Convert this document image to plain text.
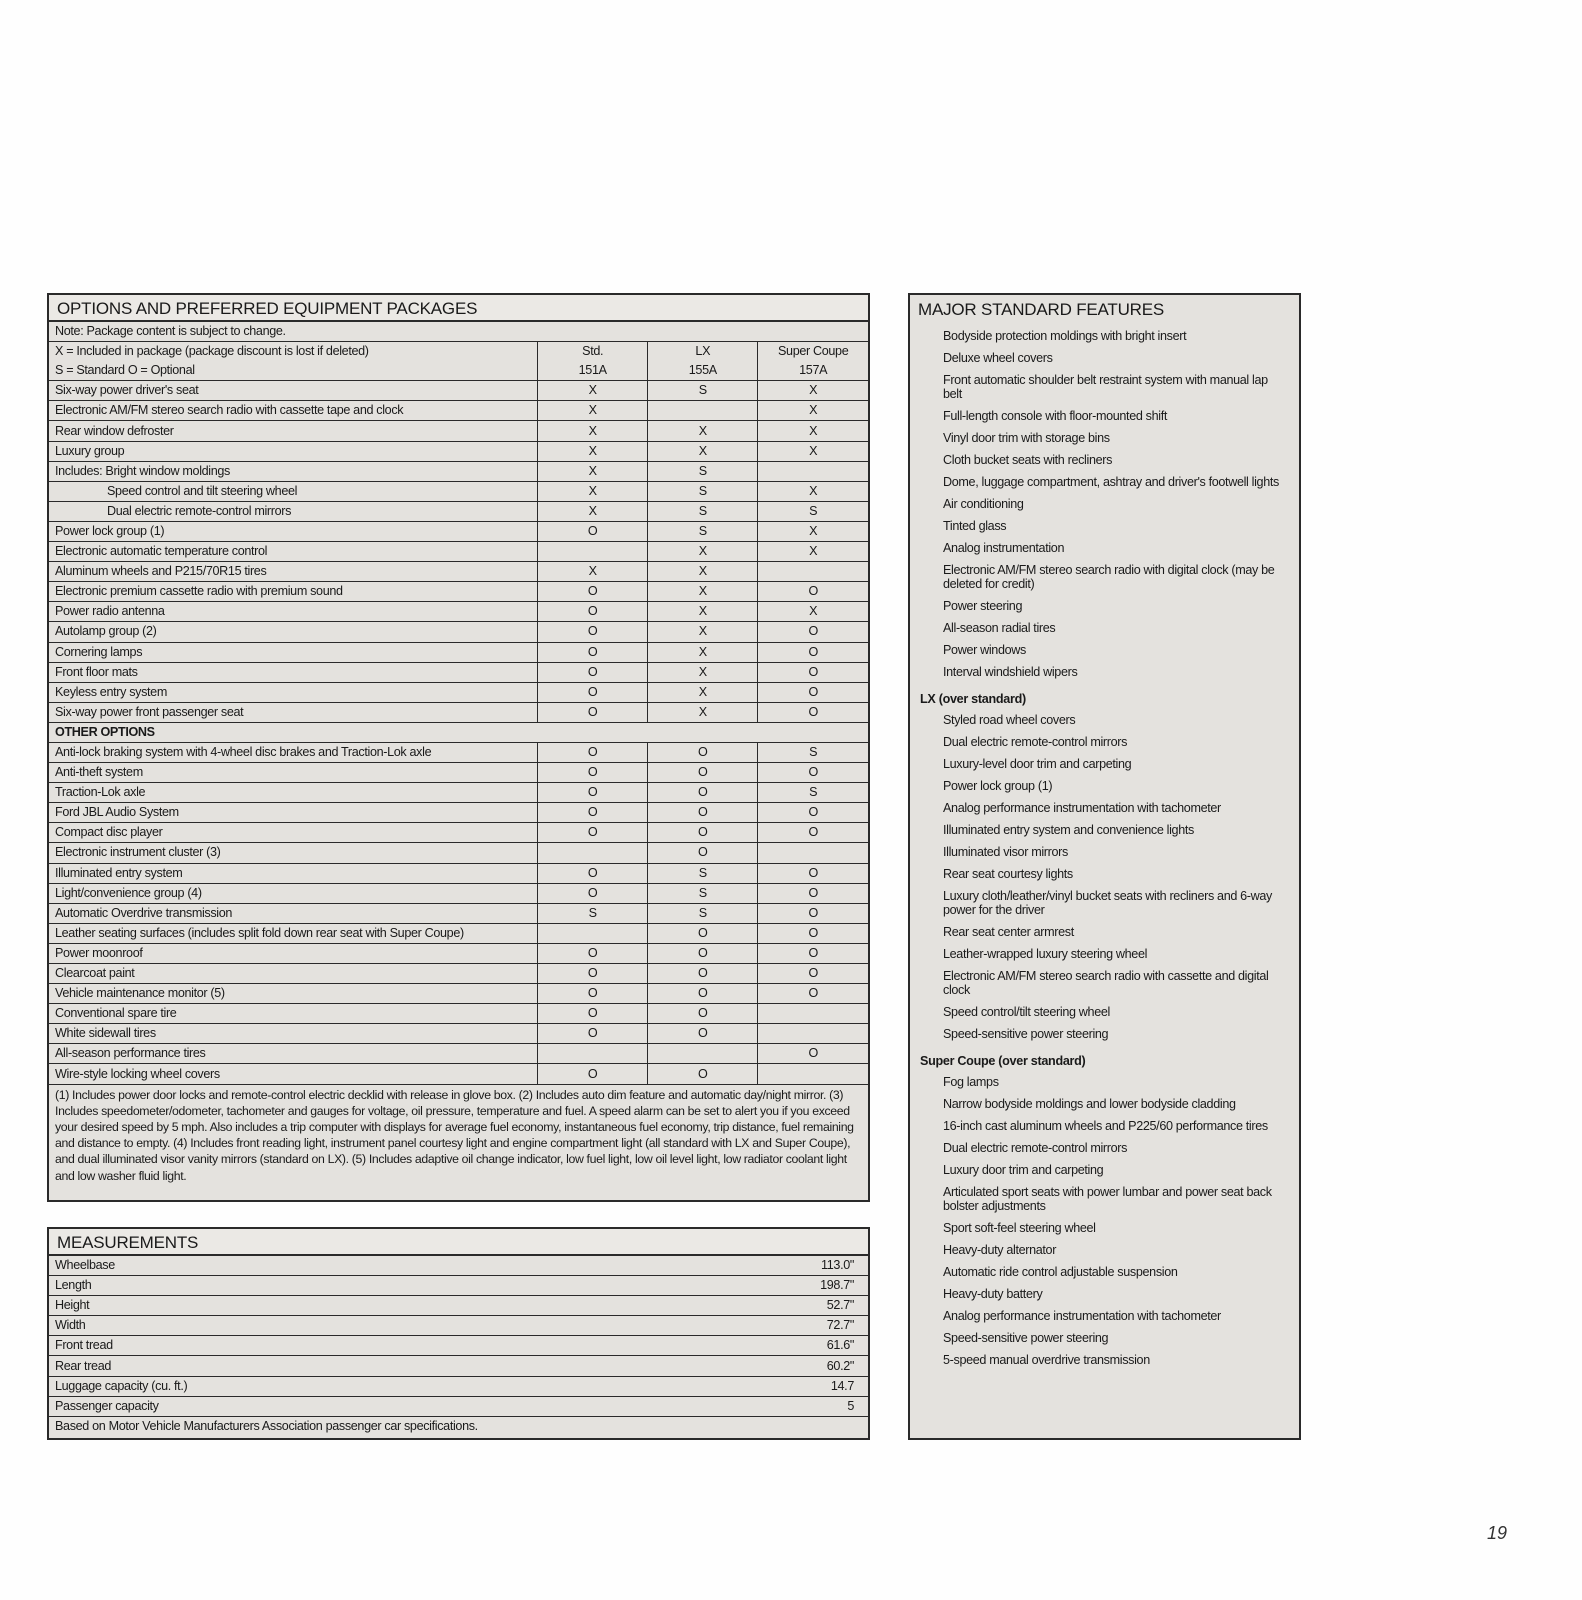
OPTIONS AND PREFERRED EQUIPMENT PACKAGES
Note: Package content is subject to change.			
X = Included in package (package discount is lost if deleted)	Std.	LX	Super Coupe
S = Standard O = Optional	151A	155A	157A
Six-way power driver's seat	X	S	X
Electronic AM/FM stereo search radio with cassette tape and clock	X		X
Rear window defroster	X	X	X
Luxury group	X	X	X
Includes: Bright window moldings	X	S	
Speed control and tilt steering wheel	X	S	X
Dual electric remote-control mirrors	X	S	S
Power lock group (1)	O	S	X
Electronic automatic temperature control		X	X
Aluminum wheels and P215/70R15 tires	X	X	
Electronic premium cassette radio with premium sound	O	X	O
Power radio antenna	O	X	X
Autolamp group (2)	O	X	O
Cornering lamps	O	X	O
Front floor mats	O	X	O
Keyless entry system	O	X	O
Six-way power front passenger seat	O	X	O
OTHER OPTIONS			
Anti-lock braking system with 4-wheel disc brakes and Traction-Lok axle	O	O	S
Anti-theft system	O	O	O
Traction-Lok axle	O	O	S
Ford JBL Audio System	O	O	O
Compact disc player	O	O	O
Electronic instrument cluster (3)		O	
Illuminated entry system	O	S	O
Light/convenience group (4)	O	S	O
Automatic Overdrive transmission	S	S	O
Leather seating surfaces (includes split fold down rear seat with Super Coupe)		O	O
Power moonroof	O	O	O
Clearcoat paint	O	O	O
Vehicle maintenance monitor (5)	O	O	O
Conventional spare tire	O	O	
White sidewall tires	O	O	
All-season performance tires			O
Wire-style locking wheel covers	O	O	
(1) Includes power door locks and remote-control electric decklid with release in glove box. (2) Includes auto dim feature and automatic day/night mirror. (3) Includes speedometer/odometer, tachometer and gauges for voltage, oil pressure, temperature and fuel. A speed alarm can be set to alert you if you exceed your desired speed by 5 mph. Also includes a trip computer with displays for average fuel economy, instantaneous fuel economy, trip distance, fuel remaining and distance to empty. (4) Includes front reading light, instrument panel courtesy light and engine compartment light (all standard with LX and Super Coupe), and dual illuminated visor vanity mirrors (standard on LX). (5) Includes adaptive oil change indicator, low fuel light, low oil level light, low radiator coolant light and low washer fluid light.
MEASUREMENTS
Wheelbase	113.0"
Length	198.7"
Height	52.7"
Width	72.7"
Front tread	61.6"
Rear tread	60.2"
Luggage capacity (cu. ft.)	14.7
Passenger capacity	5
Based on Motor Vehicle Manufacturers Association passenger car specifications.	
MAJOR STANDARD FEATURES
Bodyside protection moldings with bright insert
Deluxe wheel covers
Front automatic shoulder belt restraint system with manual lap belt
Full-length console with floor-mounted shift
Vinyl door trim with storage bins
Cloth bucket seats with recliners
Dome, luggage compartment, ashtray and driver's footwell lights
Air conditioning
Tinted glass
Analog instrumentation
Electronic AM/FM stereo search radio with digital clock (may be deleted for credit)
Power steering
All-season radial tires
Power windows
Interval windshield wipers
LX (over standard)
Styled road wheel covers
Dual electric remote-control mirrors
Luxury-level door trim and carpeting
Power lock group (1)
Analog performance instrumentation with tachometer
Illuminated entry system and convenience lights
Illuminated visor mirrors
Rear seat courtesy lights
Luxury cloth/leather/vinyl bucket seats with recliners and 6-way power for the driver
Rear seat center armrest
Leather-wrapped luxury steering wheel
Electronic AM/FM stereo search radio with cassette and digital clock
Speed control/tilt steering wheel
Speed-sensitive power steering
Super Coupe (over standard)
Fog lamps
Narrow bodyside moldings and lower bodyside cladding
16-inch cast aluminum wheels and P225/60 performance tires
Dual electric remote-control mirrors
Luxury door trim and carpeting
Articulated sport seats with power lumbar and power seat back bolster adjustments
Sport soft-feel steering wheel
Heavy-duty alternator
Automatic ride control adjustable suspension
Heavy-duty battery
Analog performance instrumentation with tachometer
Speed-sensitive power steering
5-speed manual overdrive transmission
19
